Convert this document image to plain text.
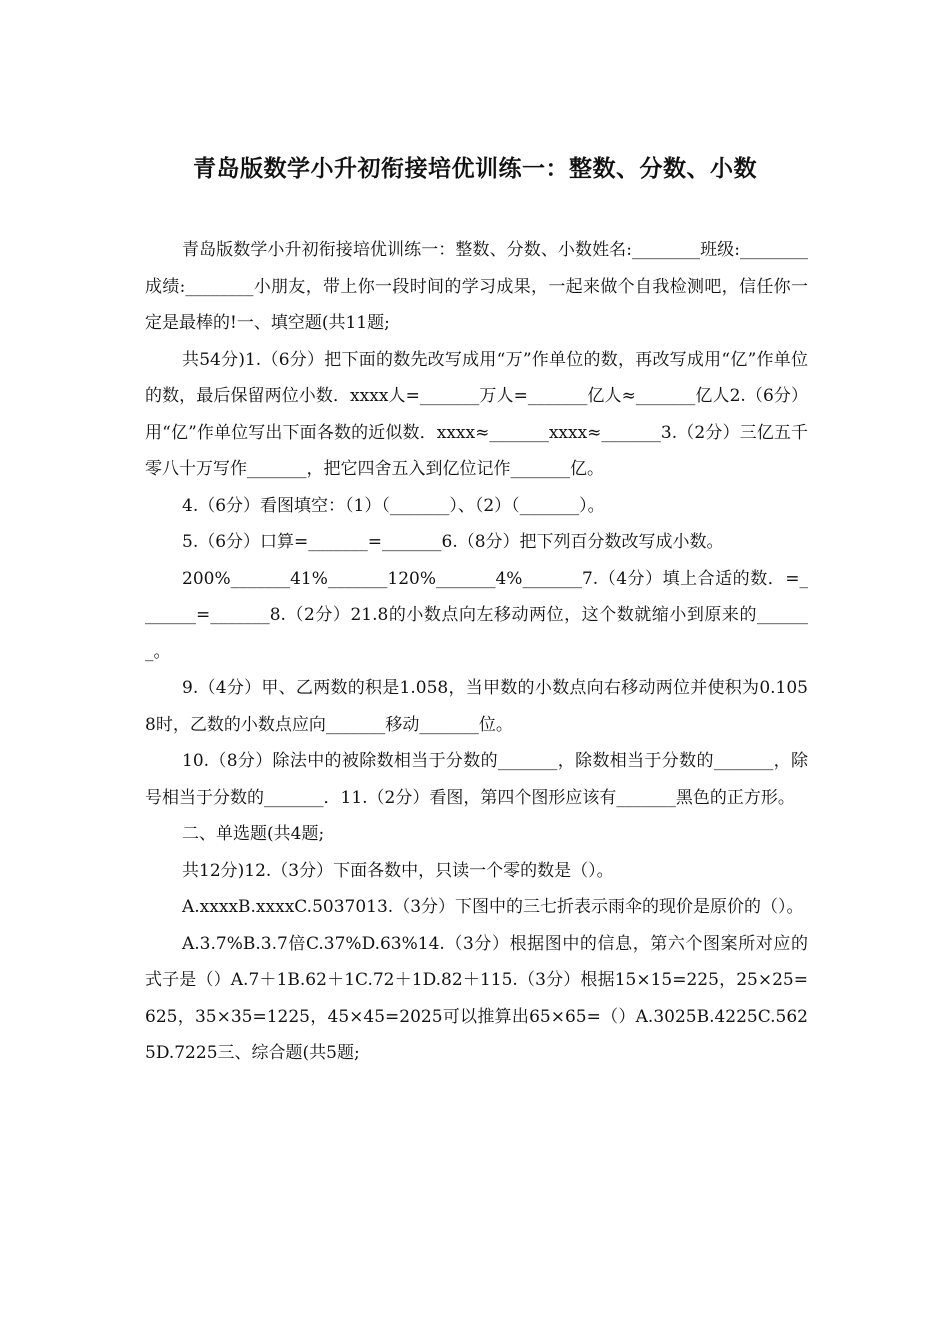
青岛版数学小升初衔接培优训练一：整数、分数、小数

青岛版数学小升初衔接培优训练一：整数、分数、小数姓名:________班级:________成绩:________小朋友，带上你一段时间的学习成果，一起来做个自我检测吧，信任你一定是最棒的!一、填空题(共11题;

共54分)1.（6分）把下面的数先改写成用“万”作单位的数，再改写成用“亿”作单位的数，最后保留两位小数．xxxx人=_______万人=_______亿人≈_______亿人2.（6分）用“亿”作单位写出下面各数的近似数．xxxx≈_______xxxx≈_______3.（2分）三亿五千零八十万写作_______，把它四舍五入到亿位记作_______亿。

4.（6分）看图填空：（1）（_______）、（2）（_______）。

5.（6分）口算=_______=_______6.（8分）把下列百分数改写成小数。

200%_______41%_______120%_______4%_______7.（4分）填上合适的数．=_______=_______8.（2分）21.8的小数点向左移动两位，这个数就缩小到原来的_______。

9.（4分）甲、乙两数的积是1.058，当甲数的小数点向右移动两位并使积为0.1058时，乙数的小数点应向_______移动_______位。

10.（8分）除法中的被除数相当于分数的_______，除数相当于分数的_______，除号相当于分数的_______．11.（2分）看图，第四个图形应该有_______黑色的正方形。

二、单选题(共4题;

共12分)12.（3分）下面各数中，只读一个零的数是（）。

A.xxxxB.xxxxC.5037013.（3分）下图中的三七折表示雨伞的现价是原价的（）。

A.3.7%B.3.7倍C.37%D.63%14.（3分）根据图中的信息，第六个图案所对应的式子是（）A.7＋1B.62＋1C.72＋1D.82＋115.（3分）根据15×15=225，25×25=625，35×35=1225，45×45=2025可以推算出65×65=（）A.3025B.4225C.5625D.7225三、综合题(共5题;
